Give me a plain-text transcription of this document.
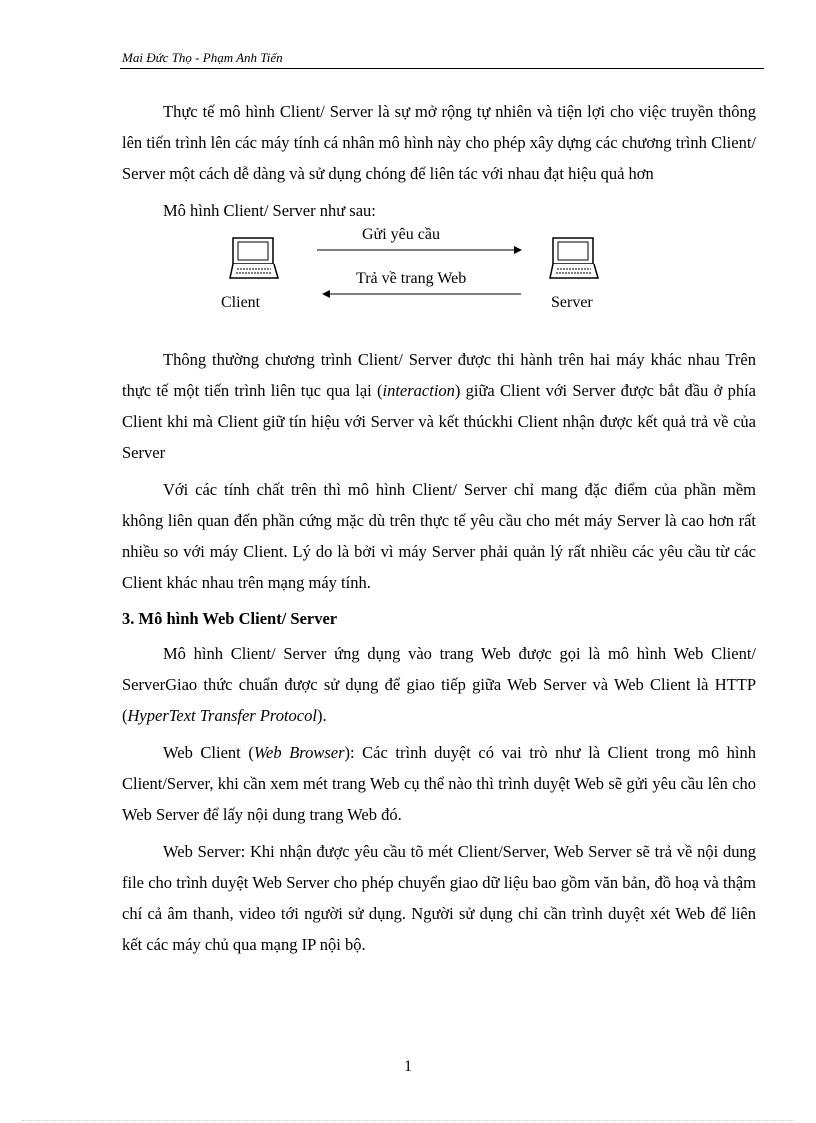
Mai Đức Thọ - Phạm Anh Tiến

Thực tế mô hình Client/ Server là sự mở rộng tự nhiên và tiện lợi cho việc truyền thông lên tiến trình lên các máy tính cá nhân mô hình này cho phép xây dựng các chương trình Client/ Server một cách dễ dàng và sử dụng chóng để liên tác với nhau đạt hiệu quả hơn

Mô hình Client/ Server như sau:

Gửi yêu cầu
Trả về trang Web
Client	Server

Thông thường chương trình Client/ Server được thi hành trên hai máy khác nhau Trên thực tế một tiến trình liên tục qua lại (interaction) giữa Client với Server được bắt đầu ở phía Client khi mà Client giữ tín hiệu với Server và kết thúckhi Client nhận được kết quả trả về của Server

Với các tính chất trên thì mô hình Client/ Server chỉ mang đặc điểm của phần mềm không liên quan đến phần cứng mặc dù trên thực tế yêu cầu cho mét máy Server là cao hơn rất nhiều so với máy Client. Lý do là bởi vì máy Server phải quản lý rất nhiều các yêu cầu từ các Client khác nhau trên mạng máy tính.

3. Mô hình Web Client/ Server

Mô hình Client/ Server ứng dụng vào trang Web được gọi là mô hình Web Client/ ServerGiao thức chuẩn được sử dụng để giao tiếp giữa Web Server và Web Client là HTTP (HyperText Transfer Protocol).

Web Client (Web Browser): Các trình duyệt có vai trò như là Client trong mô hình Client/Server, khi cần xem mét trang Web cụ thể nào thì trình duyệt Web sẽ gửi yêu cầu lên cho Web Server để lấy nội dung trang Web đó.

Web Server: Khi nhận được yêu cầu tõ mét Client/Server, Web Server sẽ trả về nội dung file cho trình duyệt Web Server cho phép chuyển giao dữ liệu bao gồm văn bản, đồ hoạ và thậm chí cả âm thanh, video tới người sử dụng. Người sử dụng chỉ cần trình duyệt xét Web để liên kết các máy chủ qua mạng IP nội bộ.

1
